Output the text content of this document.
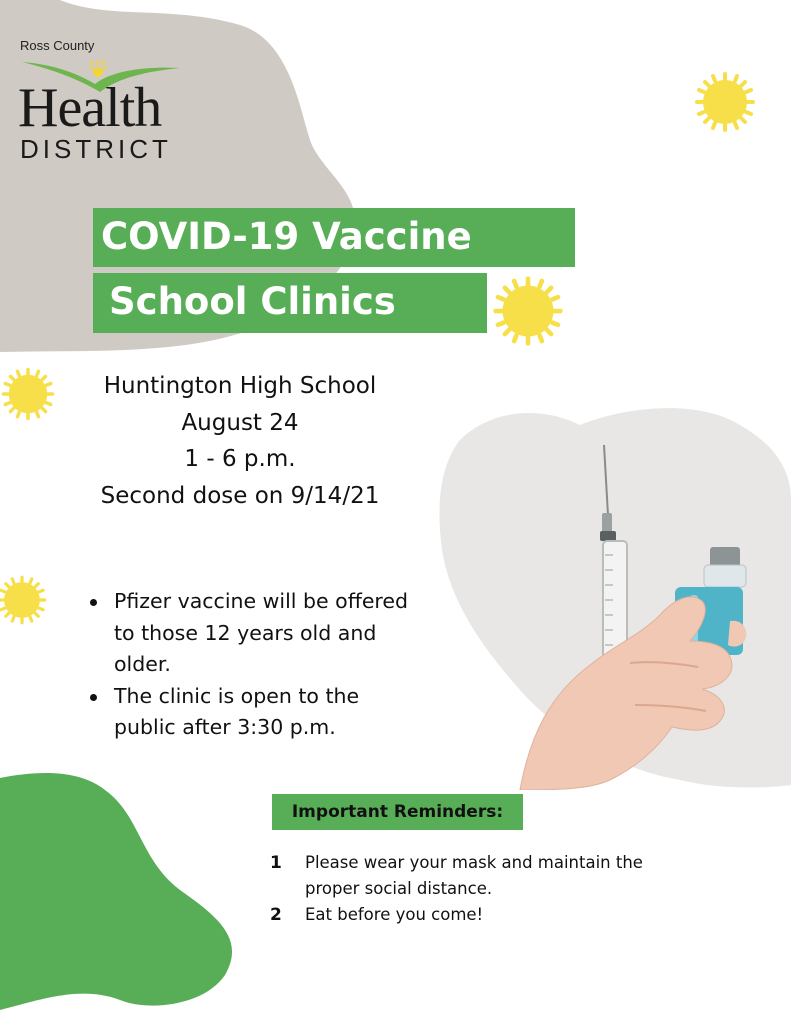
Ross County
Health
DISTRICT
COVID-19 Vaccine
School Clinics
Huntington High School
August 24
1 - 6 p.m.
Second dose on 9/14/21
Pfizer vaccine will be offered to those 12 years old and older.
The clinic is open to the public after 3:30 p.m.
Important Reminders:
1 Please wear your mask and maintain the proper social distance.
2 Eat before you come!
